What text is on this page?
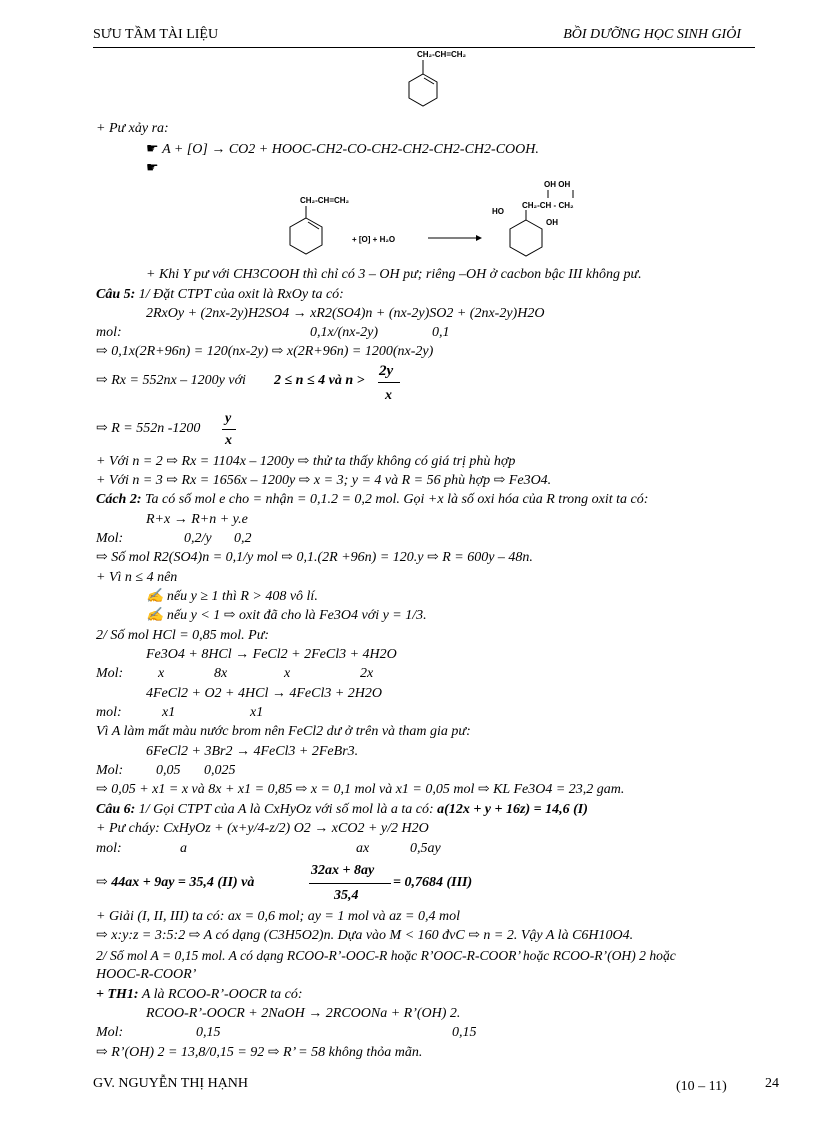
SƯU TẦM TÀI LIỆU	BỒI DƯỠNG HỌC SINH GIỎI
CH₂-CH=CH₂
CH₂-CH=CH₂
+ [O] + H₂O
OH OH
CH₂-CH - CH₂
HO
OH
+ Pư xảy ra:
☛ A + [O] → CO2 + HOOC-CH2-CO-CH2-CH2-CH2-CH2-COOH.
☛
+ Khi Y pư với CH3COOH thì chỉ có 3 – OH pư; riêng –OH ở cacbon bậc III không pư.
Câu 5: 1/ Đặt CTPT của oxit là RxOy ta có:
2RxOy + (2nx-2y)H2SO4 → xR2(SO4)n + (nx-2y)SO2 + (2nx-2y)H2O
mol:	0,1x/(nx-2y)	0,1
⇨ 0,1x(2R+96n) = 120(nx-2y) ⇨ x(2R+96n) = 1200(nx-2y)
⇨ Rx = 552nx – 1200y với 2 ≤ n ≤ 4 và n >
2y
x
⇨ R = 552n -1200
y
x
+ Với n = 2 ⇨ Rx = 1104x – 1200y ⇨ thử ta thấy không có giá trị phù hợp
+ Với n = 3 ⇨ Rx = 1656x – 1200y ⇨ x = 3; y = 4 và R = 56 phù hợp ⇨ Fe3O4.
Cách 2: Ta có số mol e cho = nhận = 0,1.2 = 0,2 mol. Gọi +x là số oxi hóa của R trong oxit ta có:
R+x → R+n + y.e
Mol:	0,2/y 0,2
⇨ Số mol R2(SO4)n = 0,1/y mol ⇨ 0,1.(2R +96n) = 120.y ⇨ R = 600y – 48n.
+ Vì n ≤ 4 nên
✍ nếu y ≥ 1 thì R > 408 vô lí.
✍ nếu y < 1 ⇨ oxit đã cho là Fe3O4 với y = 1/3.
2/ Số mol HCl = 0,85 mol. Pư:
Fe3O4 + 8HCl → FeCl2 + 2FeCl3 + 4H2O
Mol: x	8x	x	2x
4FeCl2 + O2 + 4HCl → 4FeCl3 + 2H2O
mol:	x1	x1
Vì A làm mất màu nước brom nên FeCl2 dư ở trên và tham gia pư:
6FeCl2 + 3Br2 → 4FeCl3 + 2FeBr3.
Mol: 0,05 0,025
⇨ 0,05 + x1 = x và 8x + x1 = 0,85 ⇨ x = 0,1 mol và x1 = 0,05 mol ⇨ KL Fe3O4 = 23,2 gam.
Câu 6: 1/ Gọi CTPT của A là CxHyOz với số mol là a ta có: a(12x + y + 16z) = 14,6 (I)
+ Pư cháy: CxHyOz + (x+y/4-z/2) O2 → xCO2 + y/2 H2O
mol:	a	ax	0,5ay
⇨ 44ax + 9ay = 35,4 (II) và
32ax + 8ay
35,4
= 0,7684 (III)
+ Giải (I, II, III) ta có: ax = 0,6 mol; ay = 1 mol và az = 0,4 mol
⇨ x:y:z = 3:5:2 ⇨ A có dạng (C3H5O2)n. Dựa vào M < 160 đvC ⇨ n = 2. Vậy A là C6H10O4.
2/ Số mol A = 0,15 mol. A có dạng RCOO-R’-OOC-R hoặc R’OOC-R-COOR’ hoặc RCOO-R’(OH) 2 hoặc
HOOC-R-COOR’
+ TH1: A là RCOO-R’-OOCR ta có:
RCOO-R’-OOCR + 2NaOH → 2RCOONa + R’(OH) 2.
Mol:	0,15	0,15
⇨ R’(OH) 2 = 13,8/0,15 = 92 ⇨ R’ = 58 không thỏa mãn.
GV. NGUYỄN THỊ HẠNH	(10 – 11)	24
